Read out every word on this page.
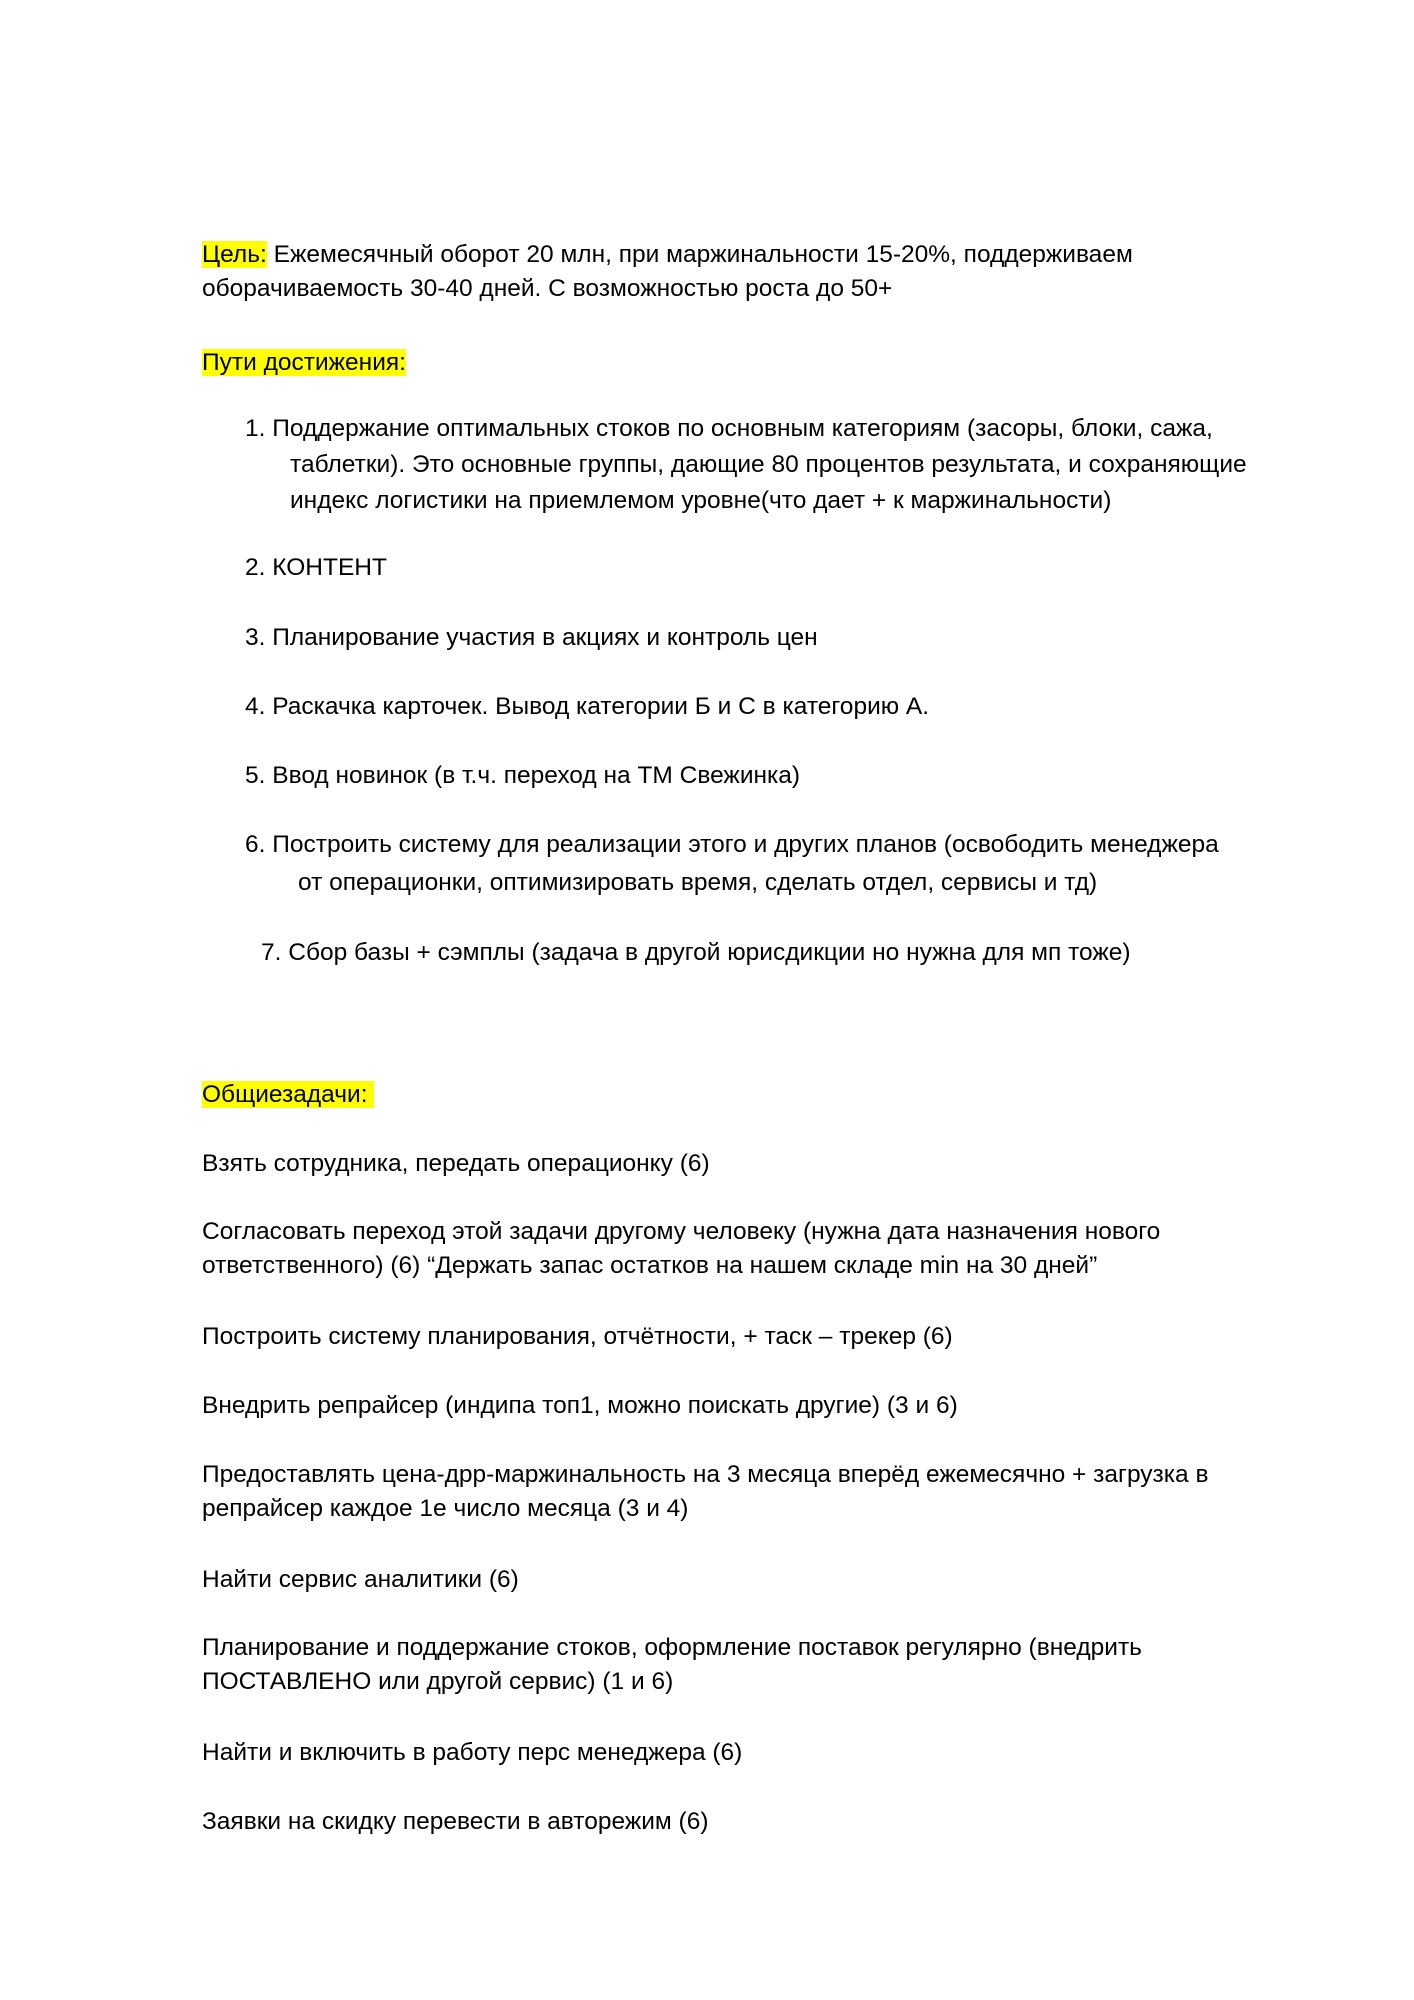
Цель: Ежемесячный оборот 20 млн, при маржинальности 15-20%, поддерживаем

оборачиваемость 30-40 дней. С возможностью роста до 50+

Пути достижения:

1. Поддержание оптимальных стоков по основным категориям (засоры, блоки, сажа,

таблетки). Это основные группы, дающие 80 процентов результата, и сохраняющие

индекс логистики на приемлемом уровне(что дает + к маржинальности)

2. КОНТЕНТ

3. Планирование участия в акциях и контроль цен

4. Раскачка карточек. Вывод категории Б и С в категорию А.

5. Ввод новинок (в т.ч. переход на ТМ Свежинка)

6. Построить систему для реализации этого и других планов (освободить менеджера

от операционки, оптимизировать время, сделать отдел, сервисы и тд)

7. Сбор базы + сэмплы (задача в другой юрисдикции но нужна для мп тоже)

Общиезадачи:

Взять сотрудника, передать операционку (6)

Согласовать переход этой задачи другому человеку (нужна дата назначения нового

ответственного) (6) “Держать запас остатков на нашем складе min на 30 дней”

Построить систему планирования, отчётности, + таск – трекер (6)

Внедрить репрайсер (индипа топ1, можно поискать другие) (3 и 6)

Предоставлять цена-дрр-маржинальность на 3 месяца вперёд ежемесячно + загрузка в

репрайсер каждое 1е число месяца (3 и 4)

Найти сервис аналитики (6)

Планирование и поддержание стоков, оформление поставок регулярно (внедрить

ПОСТАВЛЕНО или другой сервис) (1 и 6)

Найти и включить в работу перс менеджера (6)

Заявки на скидку перевести в авторежим (6)
